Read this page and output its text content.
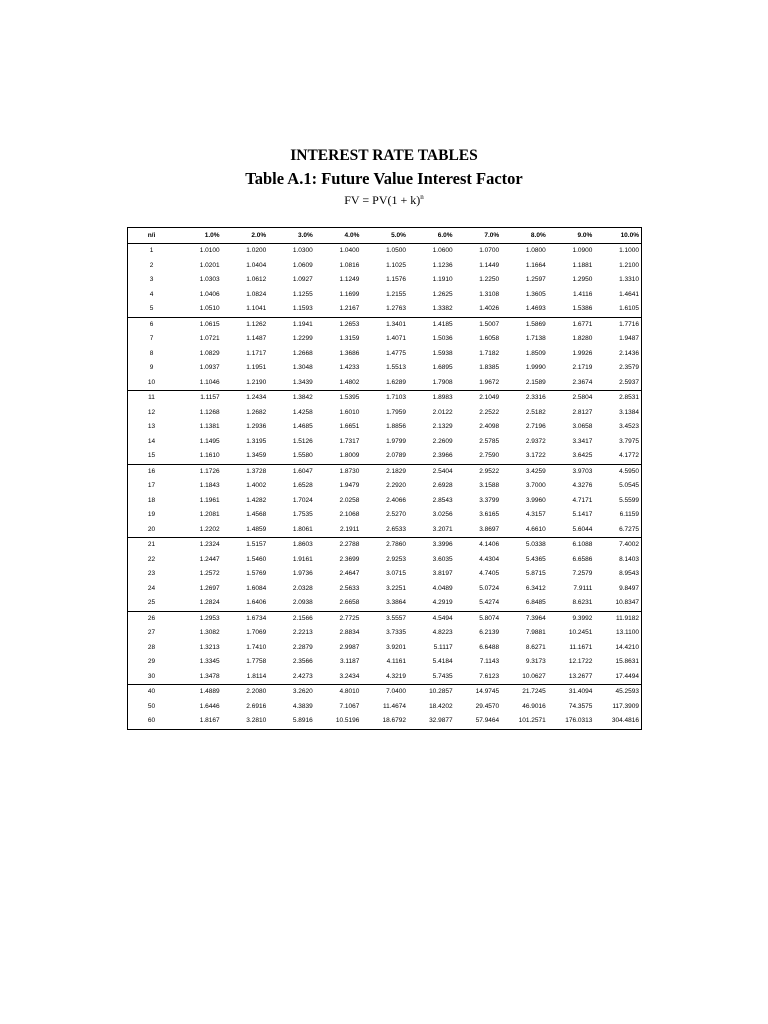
INTEREST RATE TABLES
Table A.1: Future Value Interest Factor
FV = $PV(1 + k)^n$
n/i	1.0%	2.0%	3.0%	4.0%	5.0%	6.0%	7.0%	8.0%	9.0%	10.0%
1	1.0100	1.0200	1.0300	1.0400	1.0500	1.0600	1.0700	1.0800	1.0900	1.1000
2	1.0201	1.0404	1.0609	1.0816	1.1025	1.1236	1.1449	1.1664	1.1881	1.2100
3	1.0303	1.0612	1.0927	1.1249	1.1576	1.1910	1.2250	1.2597	1.2950	1.3310
4	1.0406	1.0824	1.1255	1.1699	1.2155	1.2625	1.3108	1.3605	1.4116	1.4641
5	1.0510	1.1041	1.1593	1.2167	1.2763	1.3382	1.4026	1.4693	1.5386	1.6105
6	1.0615	1.1262	1.1941	1.2653	1.3401	1.4185	1.5007	1.5869	1.6771	1.7716
7	1.0721	1.1487	1.2299	1.3159	1.4071	1.5036	1.6058	1.7138	1.8280	1.9487
8	1.0829	1.1717	1.2668	1.3686	1.4775	1.5938	1.7182	1.8509	1.9926	2.1436
9	1.0937	1.1951	1.3048	1.4233	1.5513	1.6895	1.8385	1.9990	2.1719	2.3579
10	1.1046	1.2190	1.3439	1.4802	1.6289	1.7908	1.9672	2.1589	2.3674	2.5937
11	1.1157	1.2434	1.3842	1.5395	1.7103	1.8983	2.1049	2.3316	2.5804	2.8531
12	1.1268	1.2682	1.4258	1.6010	1.7959	2.0122	2.2522	2.5182	2.8127	3.1384
13	1.1381	1.2936	1.4685	1.6651	1.8856	2.1329	2.4098	2.7196	3.0658	3.4523
14	1.1495	1.3195	1.5126	1.7317	1.9799	2.2609	2.5785	2.9372	3.3417	3.7975
15	1.1610	1.3459	1.5580	1.8009	2.0789	2.3966	2.7590	3.1722	3.6425	4.1772
16	1.1726	1.3728	1.6047	1.8730	2.1829	2.5404	2.9522	3.4259	3.9703	4.5950
17	1.1843	1.4002	1.6528	1.9479	2.2920	2.6928	3.1588	3.7000	4.3276	5.0545
18	1.1961	1.4282	1.7024	2.0258	2.4066	2.8543	3.3799	3.9960	4.7171	5.5599
19	1.2081	1.4568	1.7535	2.1068	2.5270	3.0256	3.6165	4.3157	5.1417	6.1159
20	1.2202	1.4859	1.8061	2.1911	2.6533	3.2071	3.8697	4.6610	5.6044	6.7275
21	1.2324	1.5157	1.8603	2.2788	2.7860	3.3996	4.1406	5.0338	6.1088	7.4002
22	1.2447	1.5460	1.9161	2.3699	2.9253	3.6035	4.4304	5.4365	6.6586	8.1403
23	1.2572	1.5769	1.9736	2.4647	3.0715	3.8197	4.7405	5.8715	7.2579	8.9543
24	1.2697	1.6084	2.0328	2.5633	3.2251	4.0489	5.0724	6.3412	7.9111	9.8497
25	1.2824	1.6406	2.0938	2.6658	3.3864	4.2919	5.4274	6.8485	8.6231	10.8347
26	1.2953	1.6734	2.1566	2.7725	3.5557	4.5494	5.8074	7.3964	9.3992	11.9182
27	1.3082	1.7069	2.2213	2.8834	3.7335	4.8223	6.2139	7.9881	10.2451	13.1100
28	1.3213	1.7410	2.2879	2.9987	3.9201	5.1117	6.6488	8.6271	11.1671	14.4210
29	1.3345	1.7758	2.3566	3.1187	4.1161	5.4184	7.1143	9.3173	12.1722	15.8631
30	1.3478	1.8114	2.4273	3.2434	4.3219	5.7435	7.6123	10.0627	13.2677	17.4494
40	1.4889	2.2080	3.2620	4.8010	7.0400	10.2857	14.9745	21.7245	31.4094	45.2593
50	1.6446	2.6916	4.3839	7.1067	11.4674	18.4202	29.4570	46.9016	74.3575	117.3909
60	1.8167	3.2810	5.8916	10.5196	18.6792	32.9877	57.9464	101.2571	176.0313	304.4816
